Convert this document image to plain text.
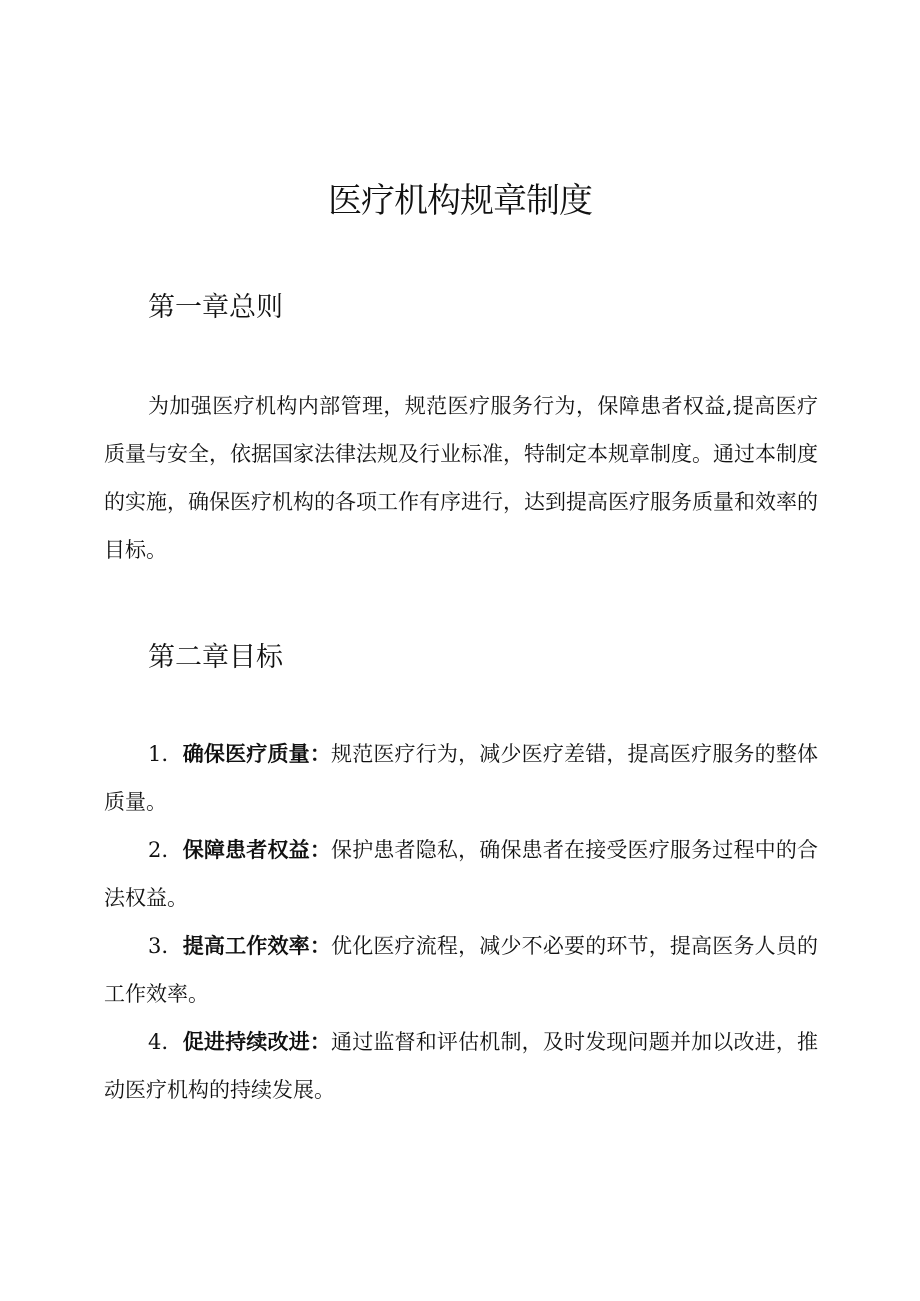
医疗机构规章制度
第一章总则

为加强医疗机构内部管理，规范医疗服务行为，保障患者权益,提高医疗质量与安全，依据国家法律法规及行业标准，特制定本规章制度。通过本制度的实施，确保医疗机构的各项工作有序进行，达到提高医疗服务质量和效率的目标。

第二章目标

1．确保医疗质量：规范医疗行为，减少医疗差错，提高医疗服务的整体质量。

2．保障患者权益：保护患者隐私，确保患者在接受医疗服务过程中的合法权益。

3．提高工作效率：优化医疗流程，减少不必要的环节，提高医务人员的工作效率。

4．促进持续改进：通过监督和评估机制，及时发现问题并加以改进，推动医疗机构的持续发展。
